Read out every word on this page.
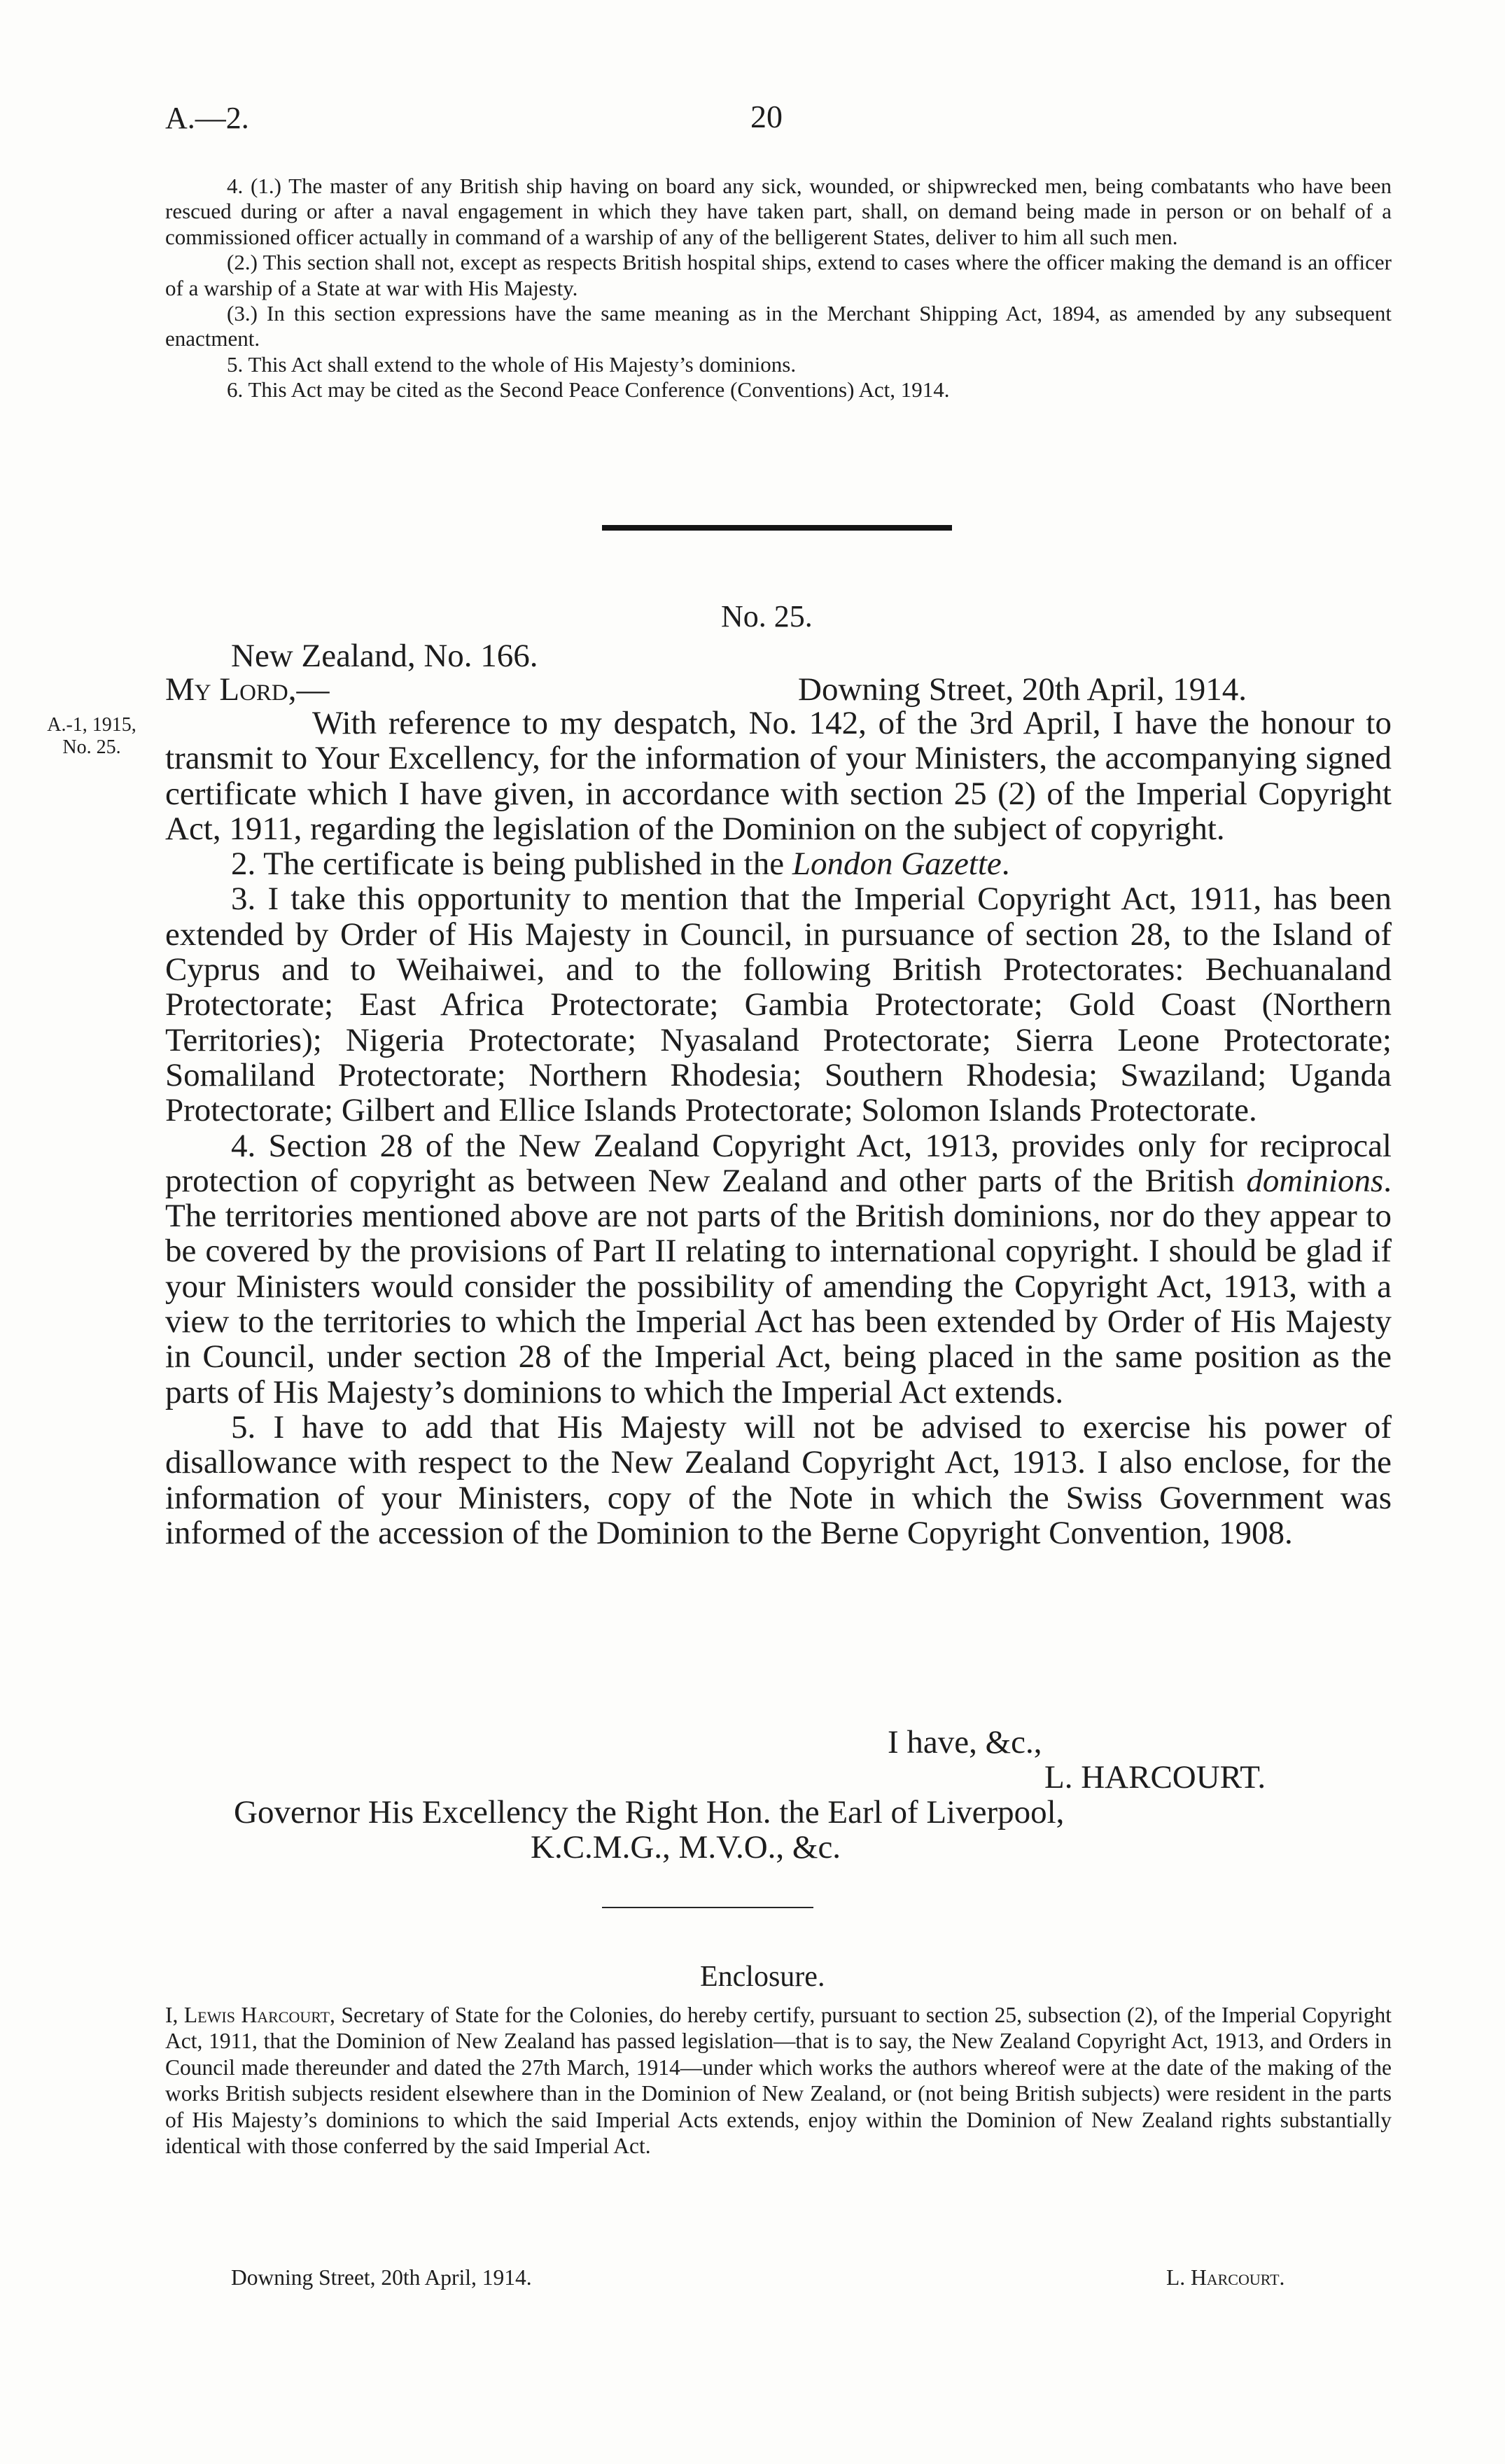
A.—2.	20

4. (1.) The master of any British ship having on board any sick, wounded, or shipwrecked men, being combatants who have been rescued during or after a naval engagement in which they have taken part, shall, on demand being made in person or on behalf of a commissioned officer actually in command of a warship of any of the belligerent States, deliver to him all such men.

(2.) This section shall not, except as respects British hospital ships, extend to cases where the officer making the demand is an officer of a warship of a State at war with His Majesty.

(3.) In this section expressions have the same meaning as in the Merchant Shipping Act, 1894, as amended by any subsequent enactment.

5. This Act shall extend to the whole of His Majesty’s dominions.

6. This Act may be cited as the Second Peace Conference (Conventions) Act, 1914.

No. 25.
New Zealand, No. 166.
My Lord,—	Downing Street, 20th April, 1914.
A.-1, 1915,
No. 25.

With reference to my despatch, No. 142, of the 3rd April, I have the honour to transmit to Your Excellency, for the information of your Ministers, the accompanying signed certificate which I have given, in accordance with section 25 (2) of the Imperial Copyright Act, 1911, regarding the legislation of the Dominion on the subject of copyright.

2. The certificate is being published in the London Gazette.

3. I take this opportunity to mention that the Imperial Copyright Act, 1911, has been extended by Order of His Majesty in Council, in pursuance of section 28, to the Island of Cyprus and to Weihaiwei, and to the following British Protectorates: Bechuanaland Protectorate; East Africa Protectorate; Gambia Protectorate; Gold Coast (Northern Territories); Nigeria Protectorate; Nyasaland Protectorate; Sierra Leone Protectorate; Somaliland Protectorate; Northern Rhodesia; Southern Rhodesia; Swaziland; Uganda Protectorate; Gilbert and Ellice Islands Protectorate; Solomon Islands Protectorate.

4. Section 28 of the New Zealand Copyright Act, 1913, provides only for reciprocal protection of copyright as between New Zealand and other parts of the British dominions. The territories mentioned above are not parts of the British dominions, nor do they appear to be covered by the provisions of Part II relating to international copyright. I should be glad if your Ministers would consider the possibility of amending the Copyright Act, 1913, with a view to the territories to which the Imperial Act has been extended by Order of His Majesty in Council, under section 28 of the Imperial Act, being placed in the same position as the parts of His Majesty’s dominions to which the Imperial Act extends.

5. I have to add that His Majesty will not be advised to exercise his power of disallowance with respect to the New Zealand Copyright Act, 1913. I also enclose, for the information of your Ministers, copy of the Note in which the Swiss Government was informed of the accession of the Dominion to the Berne Copyright Convention, 1908.

I have, &c.,
L. HARCOURT.
Governor His Excellency the Right Hon. the Earl of Liverpool,
K.C.M.G., M.V.O., &c.
Enclosure.

I, Lewis Harcourt, Secretary of State for the Colonies, do hereby certify, pursuant to section 25, subsection (2), of the Imperial Copyright Act, 1911, that the Dominion of New Zealand has passed legislation—that is to say, the New Zealand Copyright Act, 1913, and Orders in Council made thereunder and dated the 27th March, 1914—under which works the authors whereof were at the date of the making of the works British subjects resident elsewhere than in the Dominion of New Zealand, or (not being British subjects) were resident in the parts of His Majesty’s dominions to which the said Imperial Acts extends, enjoy within the Dominion of New Zealand rights substantially identical with those conferred by the said Imperial Act.

Downing Street, 20th April, 1914.	L. Harcourt.
